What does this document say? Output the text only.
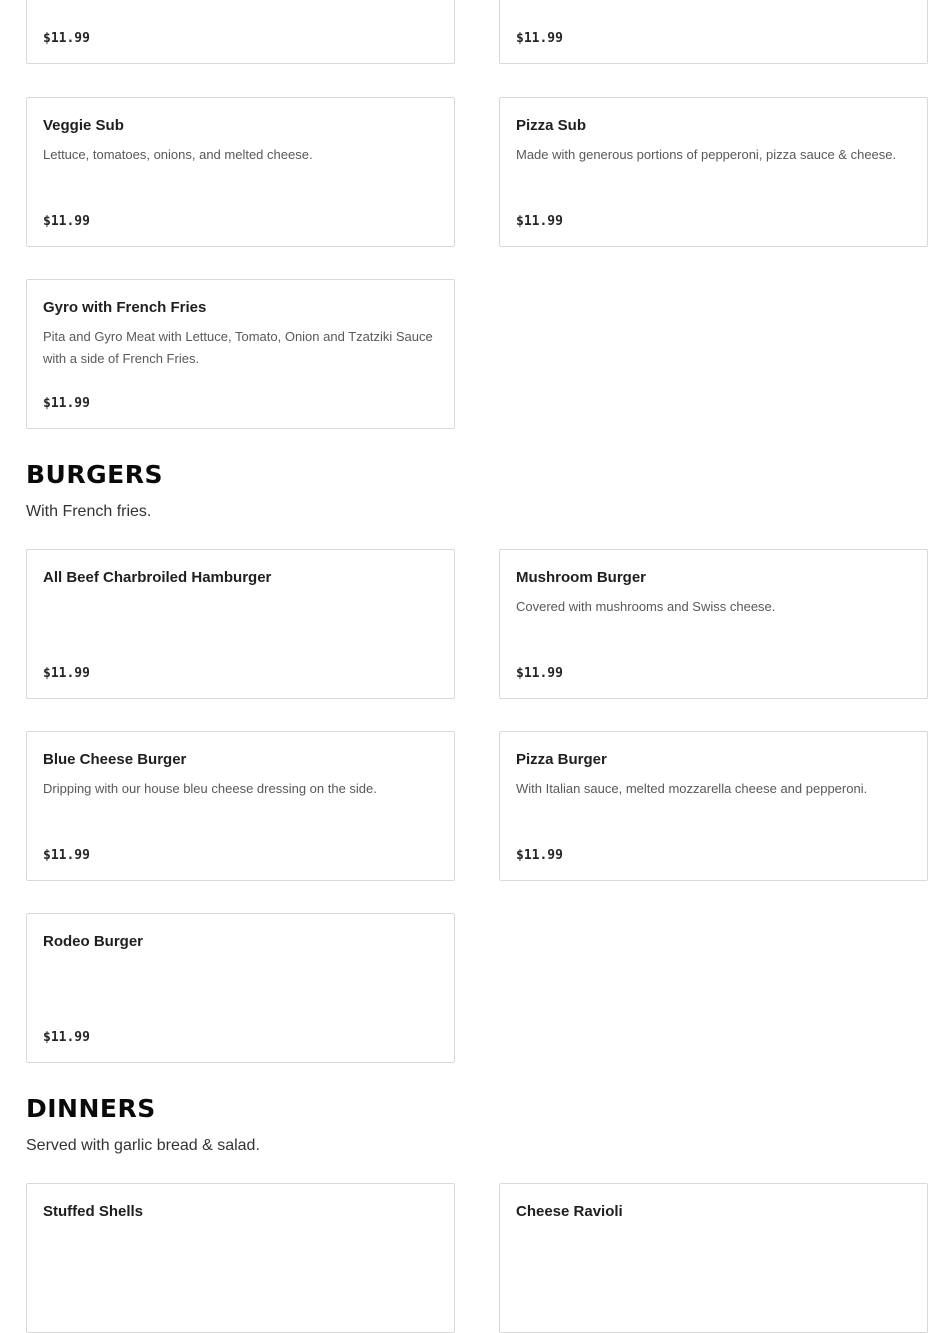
$11.99	$11.99
Veggie Sub
Lettuce, tomatoes, onions, and melted cheese.
$11.99
Pizza Sub
Made with generous portions of pepperoni, pizza sauce & cheese.
$11.99
Gyro with French Fries
Pita and Gyro Meat with Lettuce, Tomato, Onion and Tzatziki Sauce with a side of French Fries.
$11.99
BURGERS

With French fries.

All Beef Charbroiled Hamburger
$11.99
Mushroom Burger
Covered with mushrooms and Swiss cheese.
$11.99
Blue Cheese Burger
Dripping with our house bleu cheese dressing on the side.
$11.99
Pizza Burger
With Italian sauce, melted mozzarella cheese and pepperoni.
$11.99
Rodeo Burger
$11.99
DINNERS

Served with garlic bread & salad.

Stuffed Shells	Cheese Ravioli
